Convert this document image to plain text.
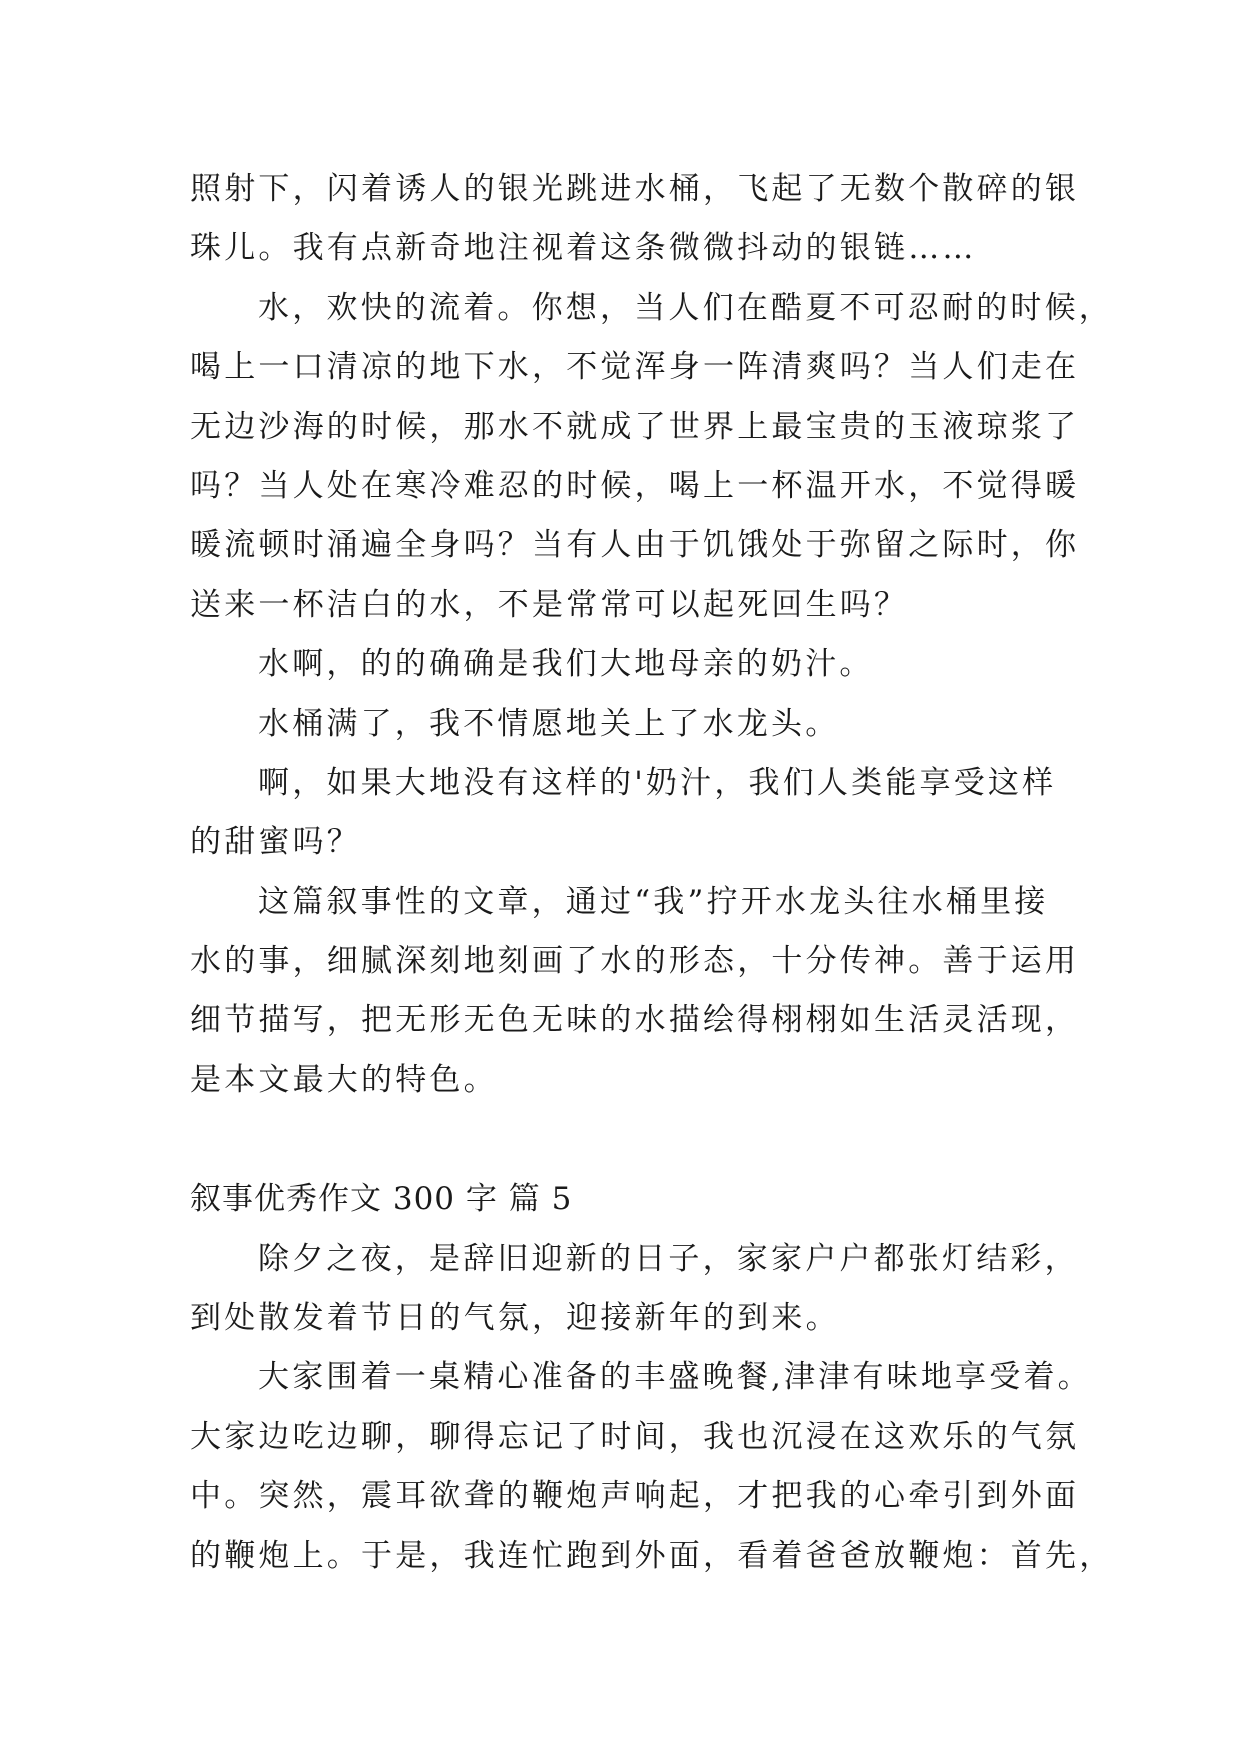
照射下，闪着诱人的银光跳进水桶，飞起了无数个散碎的银
珠儿。我有点新奇地注视着这条微微抖动的银链……
水，欢快的流着。你想，当人们在酷夏不可忍耐的时候，
喝上一口清凉的地下水，不觉浑身一阵清爽吗？当人们走在
无边沙海的时候，那水不就成了世界上最宝贵的玉液琼浆了
吗？当人处在寒冷难忍的时候，喝上一杯温开水，不觉得暖
暖流顿时涌遍全身吗？当有人由于饥饿处于弥留之际时，你
送来一杯洁白的水，不是常常可以起死回生吗？
水啊，的的确确是我们大地母亲的奶汁。
水桶满了，我不情愿地关上了水龙头。
啊，如果大地没有这样的'奶汁，我们人类能享受这样
的甜蜜吗？
这篇叙事性的文章，通过“我”拧开水龙头往水桶里接
水的事，细腻深刻地刻画了水的形态，十分传神。善于运用
细节描写，把无形无色无味的水描绘得栩栩如生活灵活现，
是本文最大的特色。
叙事优秀作文 300 字 篇 5
除夕之夜，是辞旧迎新的日子，家家户户都张灯结彩，
到处散发着节日的气氛，迎接新年的到来。
大家围着一桌精心准备的丰盛晚餐,津津有味地享受着。
大家边吃边聊，聊得忘记了时间，我也沉浸在这欢乐的气氛
中。突然，震耳欲聋的鞭炮声响起，才把我的心牵引到外面
的鞭炮上。于是，我连忙跑到外面，看着爸爸放鞭炮：首先，
